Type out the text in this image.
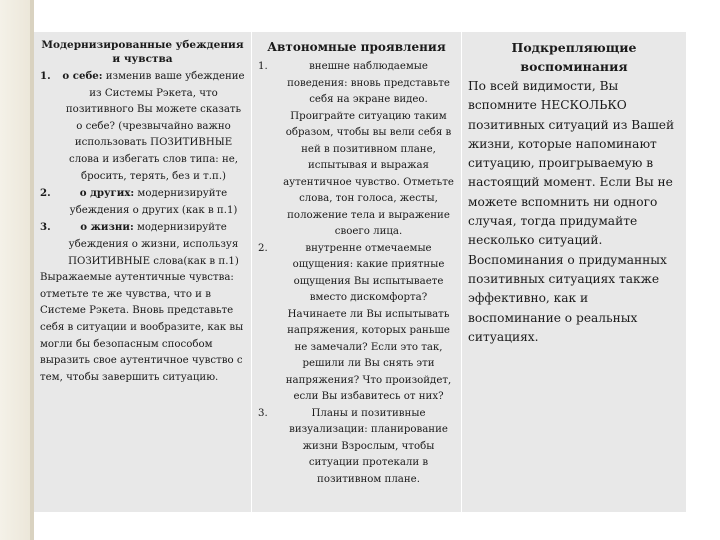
Модернизированные убеждения и чувства
1.	о себе: изменив ваше убеждение из Системы Рэкета, что позитивного Вы можете сказать о себе? (чрезвычайно важно использовать ПОЗИТИВНЫЕ слова и избегать слов типа: не, бросить, терять, без и т.п.)
2.	о других: модернизируйте убеждения о других (как в п.1)
3.	о жизни: модернизируйте убеждения о жизни, используя ПОЗИТИВНЫЕ слова(как в п.1)
Выражаемые аутентичные чувства: отметьте те же чувства, что и в Системе Рэкета. Вновь представьте себя в ситуации и вообразите, как вы могли бы безопасным способом выразить свое аутентичное чувство с тем, чтобы завершить ситуацию.
Автономные проявления
1.	внешне наблюдаемые поведения: вновь представьте себя на экране видео. Проиграйте ситуацию таким образом, чтобы вы вели себя в ней в позитивном плане, испытывая и выражая аутентичное чувство. Отметьте слова, тон голоса, жесты, положение тела и выражение своего лица.
2.	внутренне отмечаемые ощущения: какие приятные ощущения Вы испытываете вместо дискомфорта? Начинаете ли Вы испытывать напряжения, которых раньше не замечали? Если это так, решили ли Вы снять эти напряжения? Что произойдет, если Вы избавитесь от них?
3.	Планы и позитивные визуализации: планирование жизни Взрослым, чтобы ситуации протекали в позитивном плане.
Подкрепляющие воспоминания
По всей видимости, Вы вспомните НЕСКОЛЬКО позитивных ситуаций из Вашей жизни, которые напоминают ситуацию, проигрываемую в настоящий момент. Если Вы не можете вспомнить ни одного случая, тогда придумайте несколько ситуаций. Воспоминания о придуманных позитивных ситуациях также эффективно, как и воспоминание о реальных ситуациях.
